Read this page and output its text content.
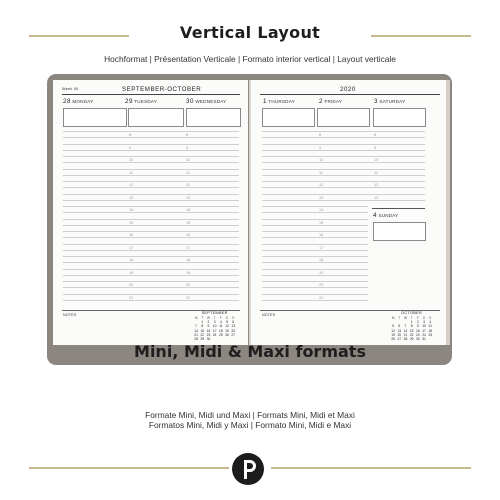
Vertical Layout
Hochformat | Présentation Verticale | Formato interior vertical | Layout verticale
Week 40	SEPTEMBER-OCTOBER
28 MONDAY	29 TUESDAY	30 WEDNESDAY
2020
1 THURSDAY	2 FRIDAY	3 SATURDAY
4 SUNDAY
8	8
9	9
10	10
11	11
12	12
13	13
14	14
15	15
16	16
17	17
18	18
19	19
20	20
21	21
8	8
9	9
10	10
11	11
12	12
13	13
14
15
16
17
18
19
20
21
NOTES	NOTES
SEPTEMBER
M	T	W	T	F	S	S
	1	2	3	4	5	6
7	8	9	10	11	12	13
14	15	16	17	18	19	20
21	22	23	24	25	26	27
28	29	30				
OCTOBER
M	T	W	T	F	S	S
			1	2	3	4
5	6	7	8	9	10	11
12	13	14	15	16	17	18
19	20	21	22	23	24	25
26	27	28	29	30	31	
Mini, Midi & Maxi formats
Formate Mini, Midi und Maxi | Formats Mini, Midi et Maxi
Formatos Mini, Midi y Maxi | Formato Mini, Midi e Maxi
